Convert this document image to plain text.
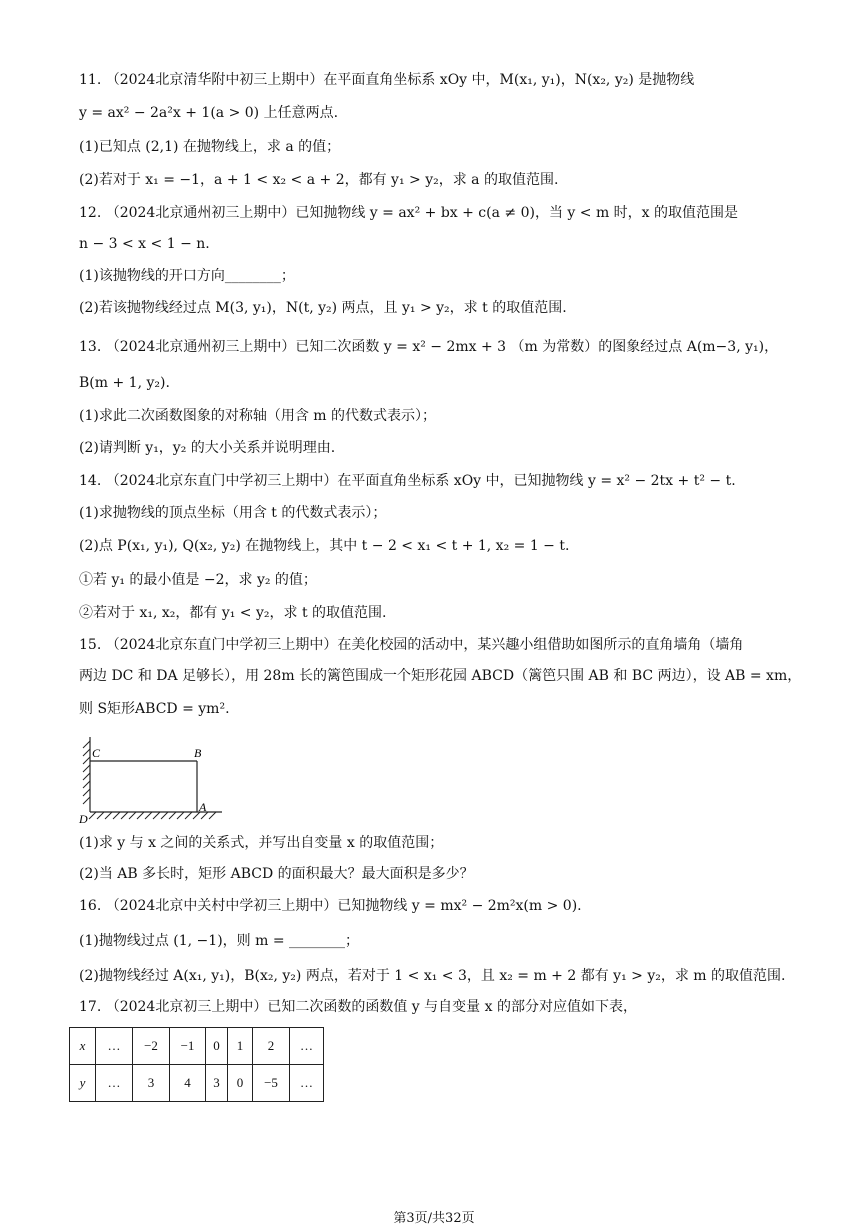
11. （2024北京清华附中初三上期中）在平面直角坐标系 xOy 中，M(x₁, y₁)，N(x₂, y₂) 是抛物线
y = ax² − 2a²x + 1(a > 0) 上任意两点.
(1)已知点 (2,1) 在抛物线上，求 a 的值；
(2)若对于 x₁ = −1，a + 1 < x₂ < a + 2，都有 y₁ > y₂，求 a 的取值范围.
12. （2024北京通州初三上期中）已知抛物线 y = ax² + bx + c(a ≠ 0)，当 y < m 时，x 的取值范围是
n − 3 < x < 1 − n.
(1)该抛物线的开口方向________；
(2)若该抛物线经过点 M(3, y₁)，N(t, y₂) 两点，且 y₁ > y₂，求 t 的取值范围.
13. （2024北京通州初三上期中）已知二次函数 y = x² − 2mx + 3 （m 为常数）的图象经过点 A(m−3, y₁)，
B(m + 1, y₂).
(1)求此二次函数图象的对称轴（用含 m 的代数式表示）；
(2)请判断 y₁，y₂ 的大小关系并说明理由.
14. （2024北京东直门中学初三上期中）在平面直角坐标系 xOy 中，已知抛物线 y = x² − 2tx + t² − t.
(1)求抛物线的顶点坐标（用含 t 的代数式表示）；
(2)点 P(x₁, y₁), Q(x₂, y₂) 在抛物线上，其中 t − 2 < x₁ < t + 1, x₂ = 1 − t.
①若 y₁ 的最小值是 −2，求 y₂ 的值；
②若对于 x₁, x₂，都有 y₁ < y₂，求 t 的取值范围.
15. （2024北京东直门中学初三上期中）在美化校园的活动中，某兴趣小组借助如图所示的直角墙角（墙角
两边 DC 和 DA 足够长），用 28m 长的篱笆围成一个矩形花园 ABCD（篱笆只围 AB 和 BC 两边），设 AB = xm，
则 S矩形ABCD = ym².
C	B
D
A
(1)求 y 与 x 之间的关系式，并写出自变量 x 的取值范围；
(2)当 AB 多长时，矩形 ABCD 的面积最大？最大面积是多少？
16. （2024北京中关村中学初三上期中）已知抛物线 y = mx² − 2m²x(m > 0).
(1)抛物线过点 (1, −1)，则 m = ________；
(2)抛物线经过 A(x₁, y₁)，B(x₂, y₂) 两点，若对于 1 < x₁ < 3，且 x₂ = m + 2 都有 y₁ > y₂，求 m 的取值范围.
17. （2024北京初三上期中）已知二次函数的函数值 y 与自变量 x 的部分对应值如下表，
x	…	−2	−1	0	1	2	…
y	…	3	4	3	0	−5	…
第3页/共32页
